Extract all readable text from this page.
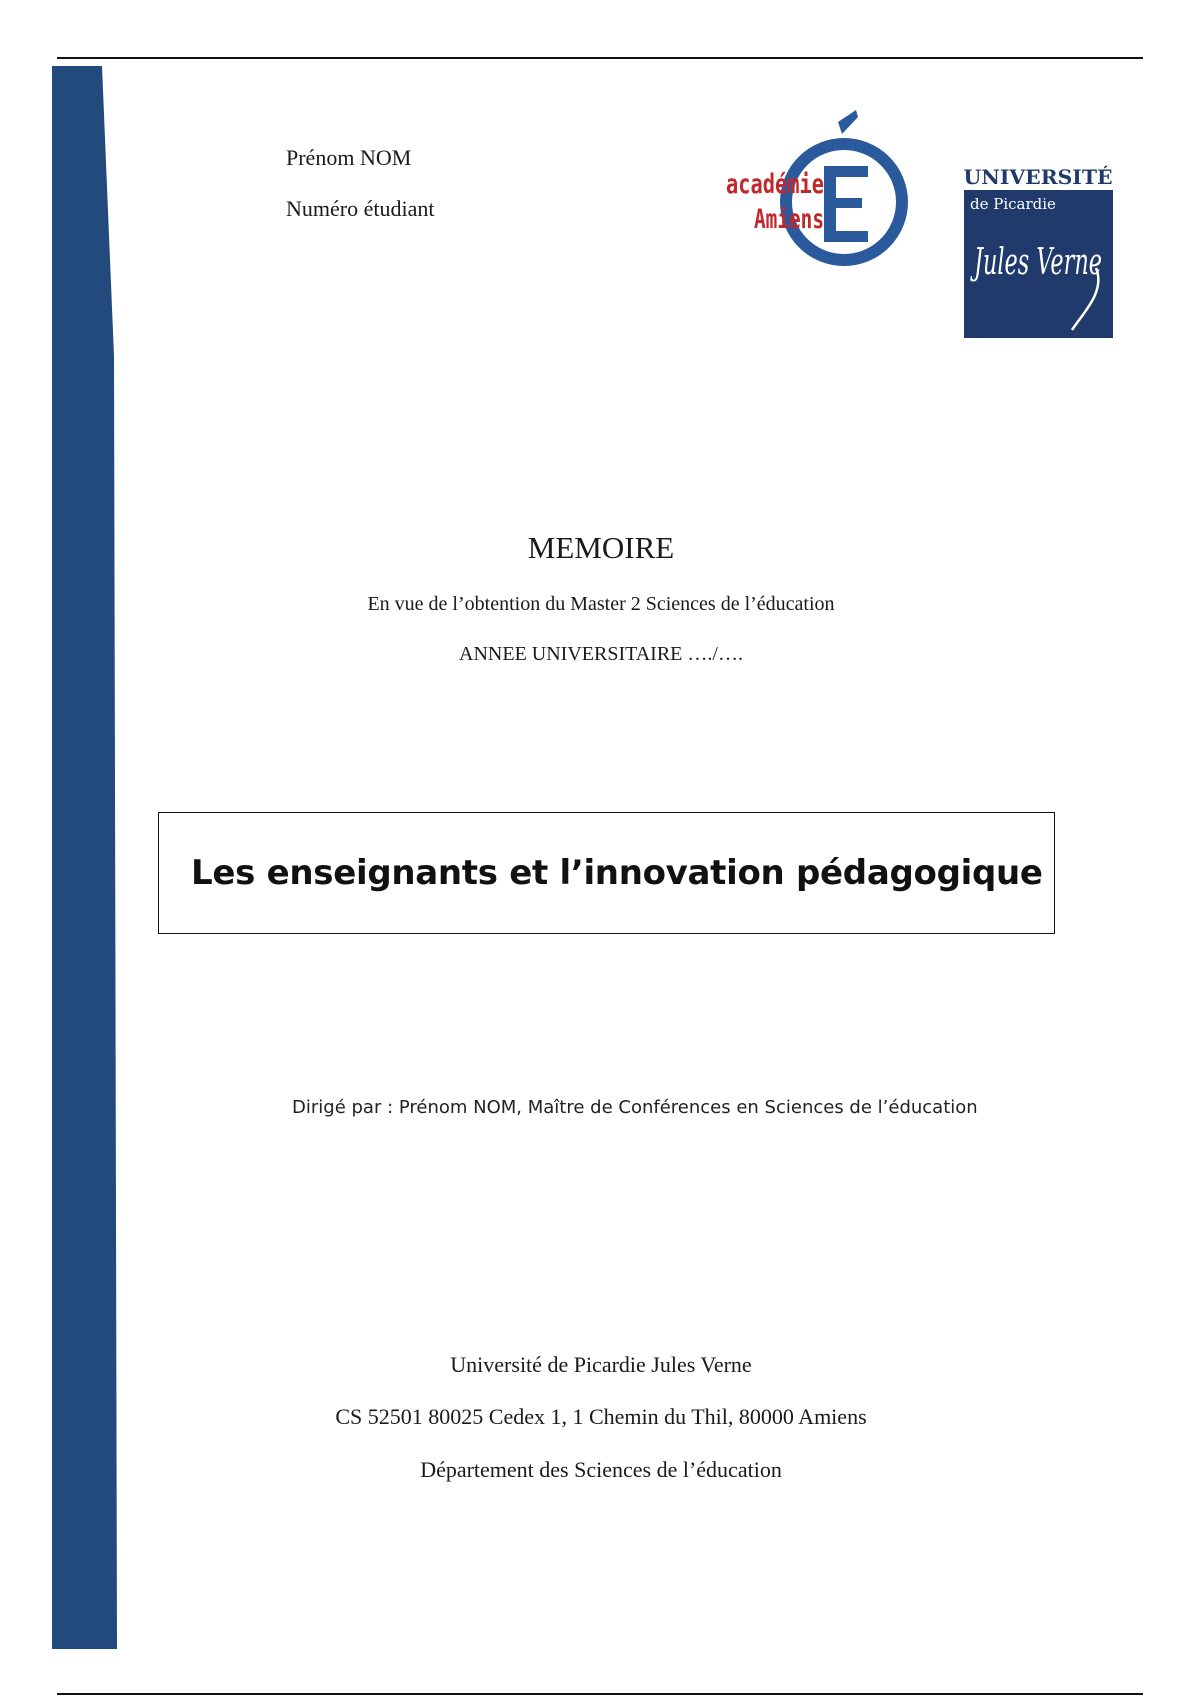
Prénom NOM
Numéro étudiant
académie
Amiens
UNIVERSITÉ
de Picardie
Jules Verne
MEMOIRE
En vue de l’obtention du Master 2 Sciences de l’éducation
ANNEE UNIVERSITAIRE …./….
Les enseignants et l’innovation pédagogique
Dirigé par : Prénom NOM, Maître de Conférences en Sciences de l’éducation
Université de Picardie Jules Verne
CS 52501 80025 Cedex 1, 1 Chemin du Thil, 80000 Amiens
Département des Sciences de l’éducation
